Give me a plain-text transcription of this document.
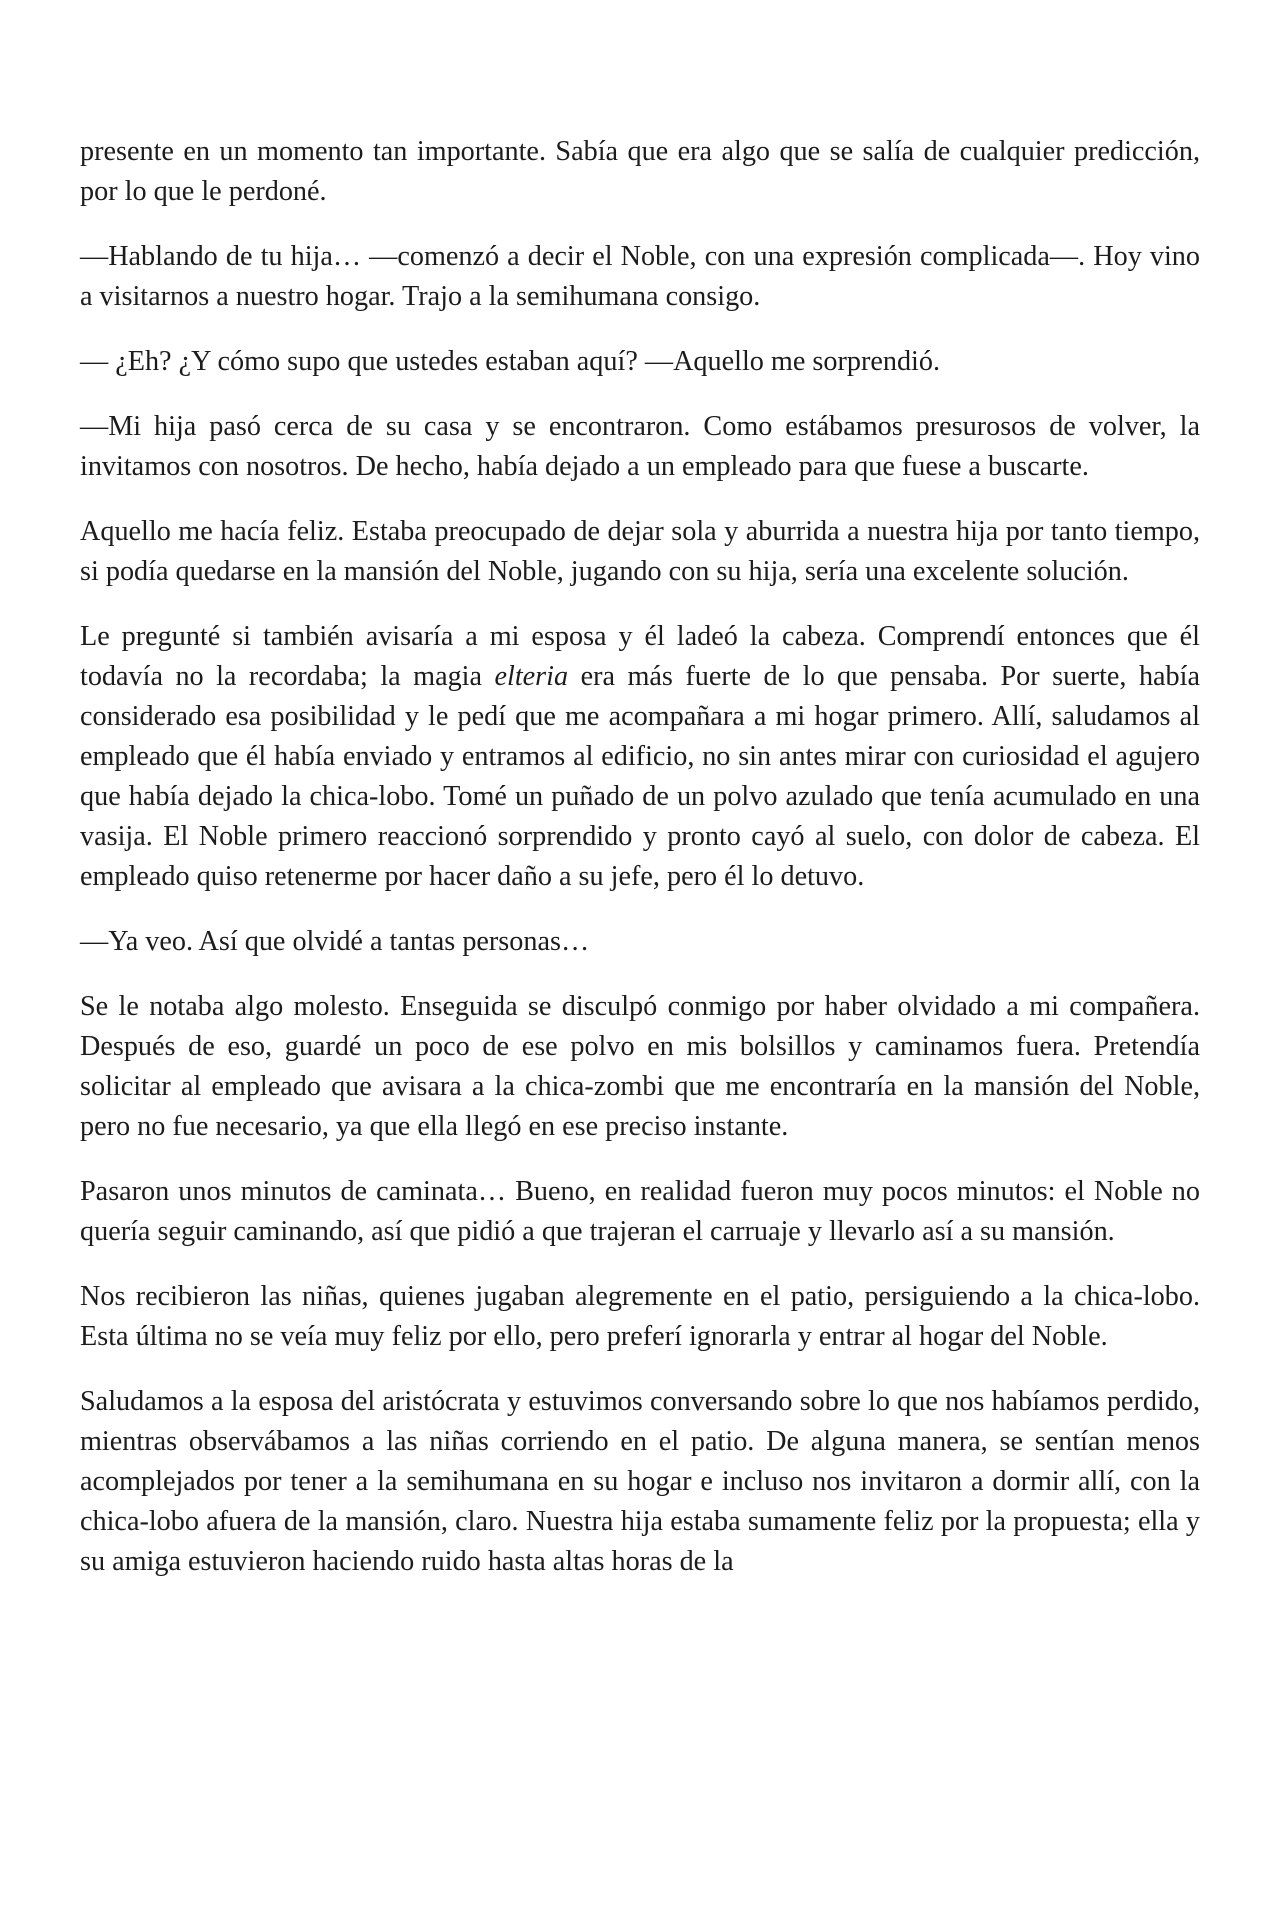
presente en un momento tan importante. Sabía que era algo que se salía de cualquier predicción, por lo que le perdoné.

—Hablando de tu hija… —comenzó a decir el Noble, con una expresión complicada—. Hoy vino a visitarnos a nuestro hogar. Trajo a la semihumana consigo.

— ¿Eh? ¿Y cómo supo que ustedes estaban aquí? —Aquello me sorprendió.

—Mi hija pasó cerca de su casa y se encontraron. Como estábamos presurosos de volver, la invitamos con nosotros. De hecho, había dejado a un empleado para que fuese a buscarte.

Aquello me hacía feliz. Estaba preocupado de dejar sola y aburrida a nuestra hija por tanto tiempo, si podía quedarse en la mansión del Noble, jugando con su hija, sería una excelente solución.

Le pregunté si también avisaría a mi esposa y él ladeó la cabeza. Comprendí entonces que él todavía no la recordaba; la magia elteria era más fuerte de lo que pensaba. Por suerte, había considerado esa posibilidad y le pedí que me acompañara a mi hogar primero. Allí, saludamos al empleado que él había enviado y entramos al edificio, no sin antes mirar con curiosidad el agujero que había dejado la chica-lobo. Tomé un puñado de un polvo azulado que tenía acumulado en una vasija. El Noble primero reaccionó sorprendido y pronto cayó al suelo, con dolor de cabeza. El empleado quiso retenerme por hacer daño a su jefe, pero él lo detuvo.

—Ya veo. Así que olvidé a tantas personas…

Se le notaba algo molesto. Enseguida se disculpó conmigo por haber olvidado a mi compañera. Después de eso, guardé un poco de ese polvo en mis bolsillos y caminamos fuera. Pretendía solicitar al empleado que avisara a la chica-zombi que me encontraría en la mansión del Noble, pero no fue necesario, ya que ella llegó en ese preciso instante.

Pasaron unos minutos de caminata… Bueno, en realidad fueron muy pocos minutos: el Noble no quería seguir caminando, así que pidió a que trajeran el carruaje y llevarlo así a su mansión.

Nos recibieron las niñas, quienes jugaban alegremente en el patio, persiguiendo a la chica-lobo. Esta última no se veía muy feliz por ello, pero preferí ignorarla y entrar al hogar del Noble.

Saludamos a la esposa del aristócrata y estuvimos conversando sobre lo que nos habíamos perdido, mientras observábamos a las niñas corriendo en el patio. De alguna manera, se sentían menos acomplejados por tener a la semihumana en su hogar e incluso nos invitaron a dormir allí, con la chica-lobo afuera de la mansión, claro. Nuestra hija estaba sumamente feliz por la propuesta; ella y su amiga estuvieron haciendo ruido hasta altas horas de la
